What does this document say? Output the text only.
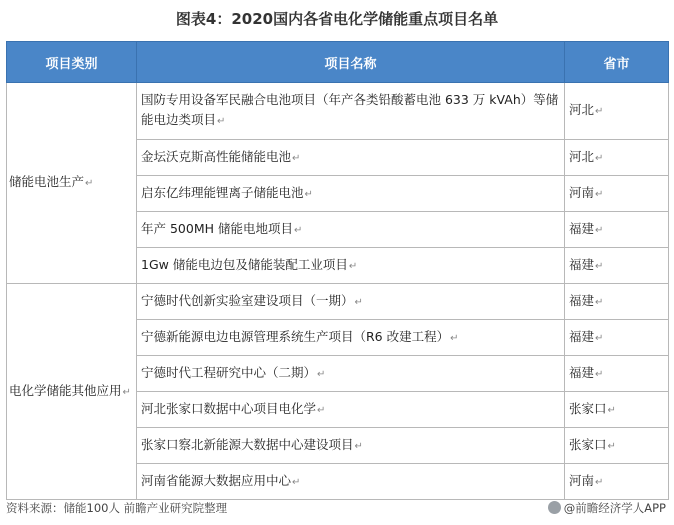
图表4：2020国内各省电化学储能重点项目名单
项目类别	项目名称	省市
储能电池生产↵	国防专用设备军民融合电池项目（年产各类铅酸蓄电池 633 万 kVAh）等储能电边类项目↵	河北↵
	金坛沃克斯高性能储能电池↵	河北↵
	启东亿纬理能锂离子储能电池↵	河南↵
	年产 500MH 储能电地项目↵	福建↵
	1Gw 储能电边包及储能装配工业项目↵	福建↵
电化学储能其他应用↵	宁德时代创新实验室建设项目（一期）↵	福建↵
	宁德新能源电边电源管理系统生产项目（R6 改建工程）↵	福建↵
	宁德时代工程研究中心（二期）↵	福建↵
	河北张家口数据中心项目电化学↵	张家口↵
	张家口察北新能源大数据中心建设项目↵	张家口↵
	河南省能源大数据应用中心↵	河南↵
资料来源：储能100人 前瞻产业研究院整理	@前瞻经济学人APP
